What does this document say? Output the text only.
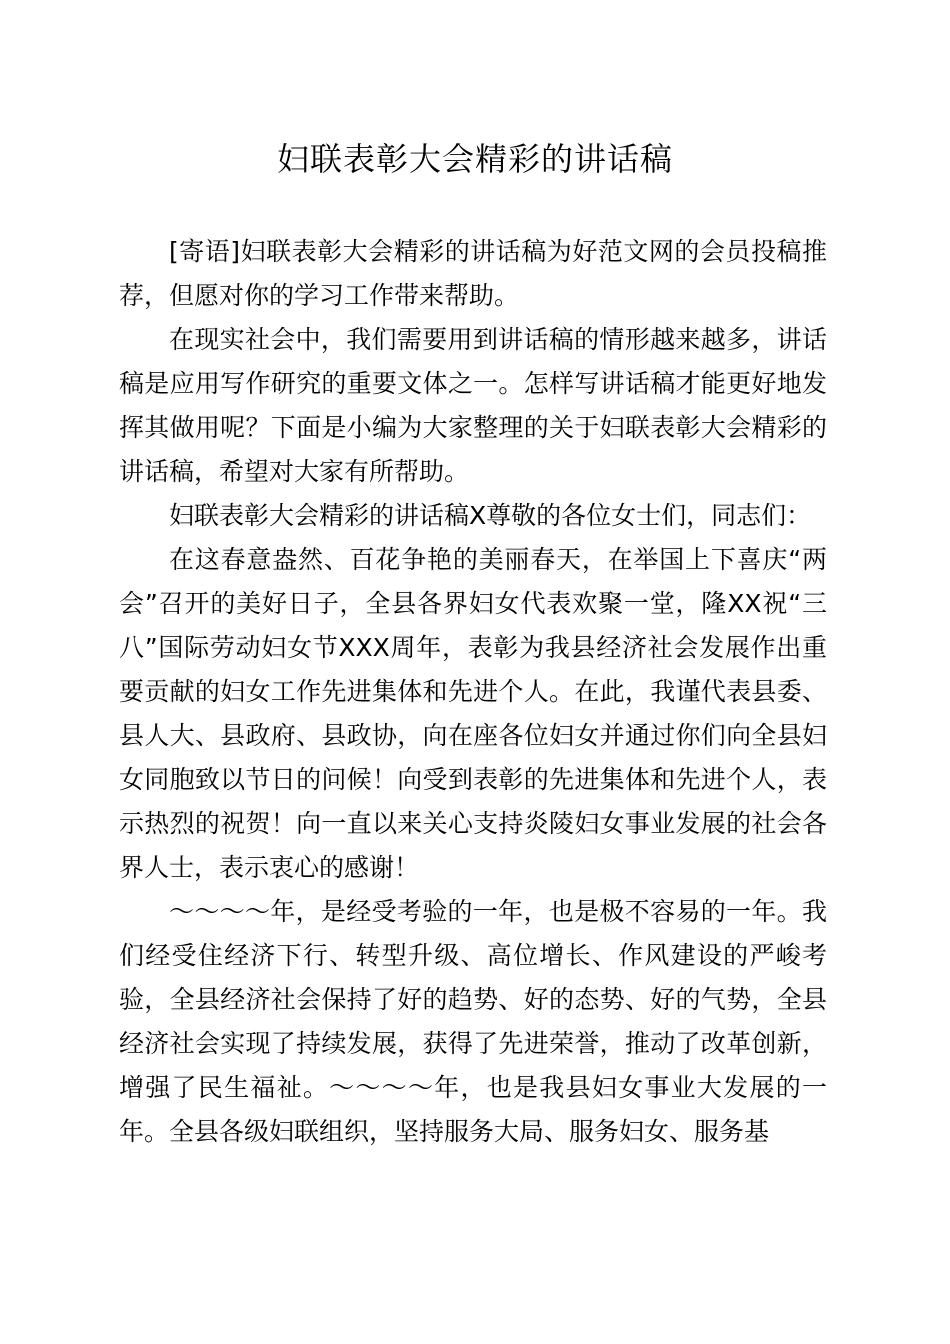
妇联表彰大会精彩的讲话稿

[寄语]妇联表彰大会精彩的讲话稿为好范文网的会员投稿推荐，但愿对你的学习工作带来帮助。

在现实社会中，我们需要用到讲话稿的情形越来越多，讲话稿是应用写作研究的重要文体之一。怎样写讲话稿才能更好地发挥其做用呢？下面是小编为大家整理的关于妇联表彰大会精彩的讲话稿，希望对大家有所帮助。

妇联表彰大会精彩的讲话稿X尊敬的各位女士们，同志们：

在这春意盎然、百花争艳的美丽春天，在举国上下喜庆“两会”召开的美好日子，全县各界妇女代表欢聚一堂，隆XX祝“三八”国际劳动妇女节XXX周年，表彰为我县经济社会发展作出重要贡献的妇女工作先进集体和先进个人。在此，我谨代表县委、县人大、县政府、县政协，向在座各位妇女并通过你们向全县妇女同胞致以节日的问候！向受到表彰的先进集体和先进个人，表示热烈的祝贺！向一直以来关心支持炎陵妇女事业发展的社会各界人士，表示衷心的感谢！

～～～～年，是经受考验的一年，也是极不容易的一年。我们经受住经济下行、转型升级、高位增长、作风建设的严峻考验，全县经济社会保持了好的趋势、好的态势、好的气势，全县经济社会实现了持续发展，获得了先进荣誉，推动了改革创新，增强了民生福祉。～～～～年，也是我县妇女事业大发展的一年。全县各级妇联组织，坚持服务大局、服务妇女、服务基
